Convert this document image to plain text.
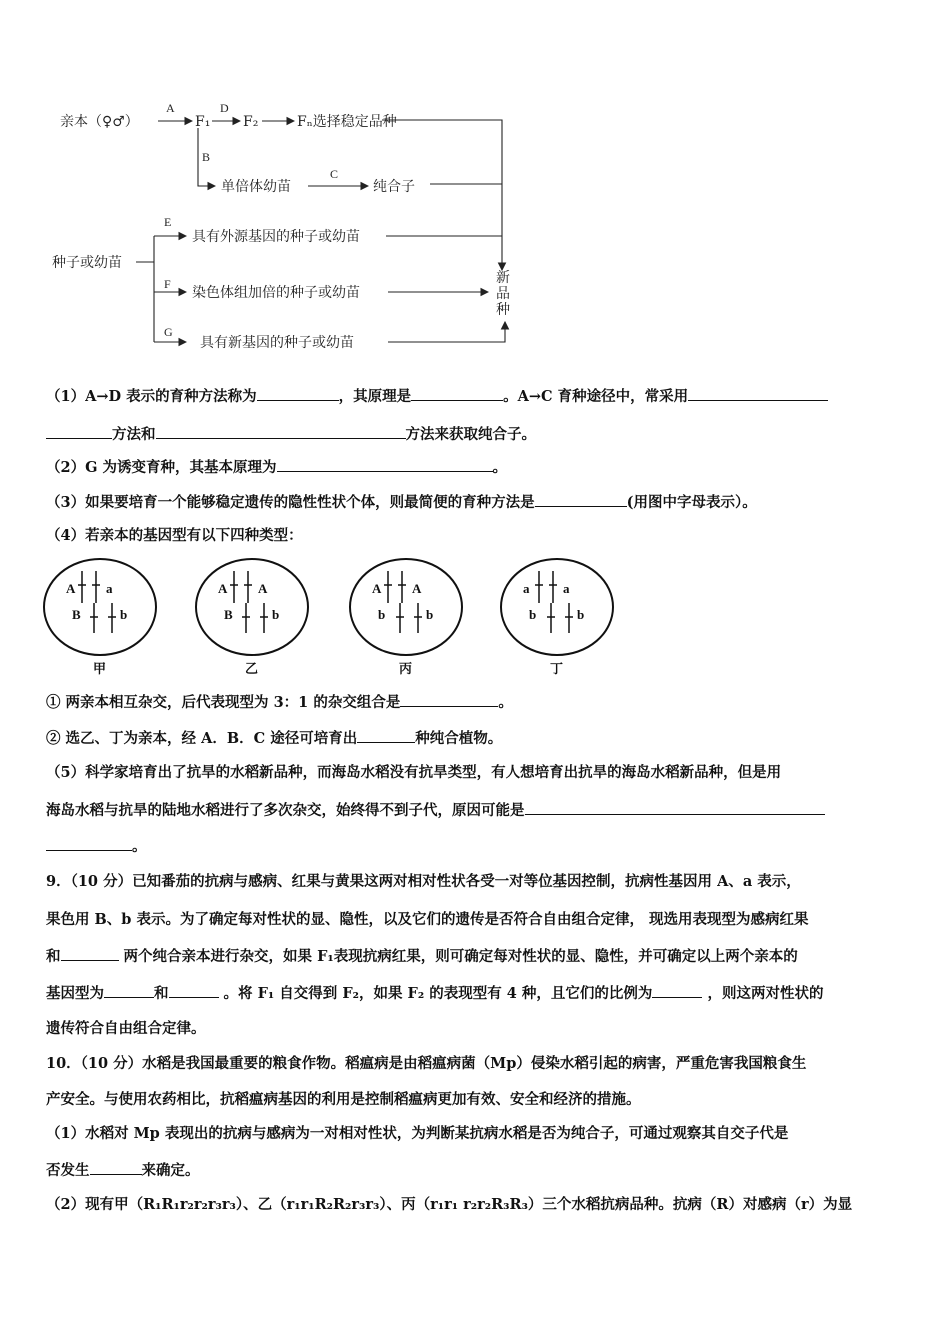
亲本（♀♂）
A
F₁
D
F₂	Fₙ选择稳定品种
B
单倍体幼苗
C
纯合子
种子或幼苗
E
具有外源基因的种子或幼苗
F
染色体组加倍的种子或幼苗
G
具有新基因的种子或幼苗
新
品
种
（1）A→D 表示的育种方法称为	，其原理是	。A→C 育种途径中，常采用
方法和	方法来获取纯合子。
（2）G 为诱变育种，其基本原理为	。
（3）如果要培育一个能够稳定遗传的隐性性状个体，则最简便的育种方法是	(用图中字母表示）。
（4）若亲本的基因型有以下四种类型：
A a
B	b
甲
A A
B	b
乙
A A
b	b
丙
a	a
b	b
丁
① 两亲本相互杂交，后代表现型为 3：1 的杂交组合是	。
② 选乙、丁为亲本，经 A．B．C 途径可培育出	种纯合植物。
（5）科学家培育出了抗旱的水稻新品种，而海岛水稻没有抗旱类型，有人想培育出抗旱的海岛水稻新品种，但是用
海岛水稻与抗旱的陆地水稻进行了多次杂交，始终得不到子代，原因可能是
。
9．（10 分）已知番茄的抗病与感病、红果与黄果这两对相对性状各受一对等位基因控制，抗病性基因用 A、a 表示，
果色用 B、b 表示。为了确定每对性状的显、隐性，以及它们的遗传是否符合自由组合定律， 现选用表现型为感病红果
和	两个纯合亲本进行杂交，如果 F₁表现抗病红果，则可确定每对性状的显、隐性，并可确定以上两个亲本的
基因型为	和	。将 F₁ 自交得到 F₂，如果 F₂ 的表现型有 4 种，且它们的比例为	，则这两对性状的
遗传符合自由组合定律。
10．（10 分）水稻是我国最重要的粮食作物。稻瘟病是由稻瘟病菌（Mp）侵染水稻引起的病害，严重危害我国粮食生
产安全。与使用农药相比，抗稻瘟病基因的利用是控制稻瘟病更加有效、安全和经济的措施。
（1）水稻对 Mp 表现出的抗病与感病为一对相对性状，为判断某抗病水稻是否为纯合子，可通过观察其自交子代是
否发生	来确定。
（2）现有甲（R₁R₁r₂r₂r₃r₃）、乙（r₁r₁R₂R₂r₃r₃）、丙（r₁r₁ r₂r₂R₃R₃）三个水稻抗病品种。抗病（R）对感病（r）为显
